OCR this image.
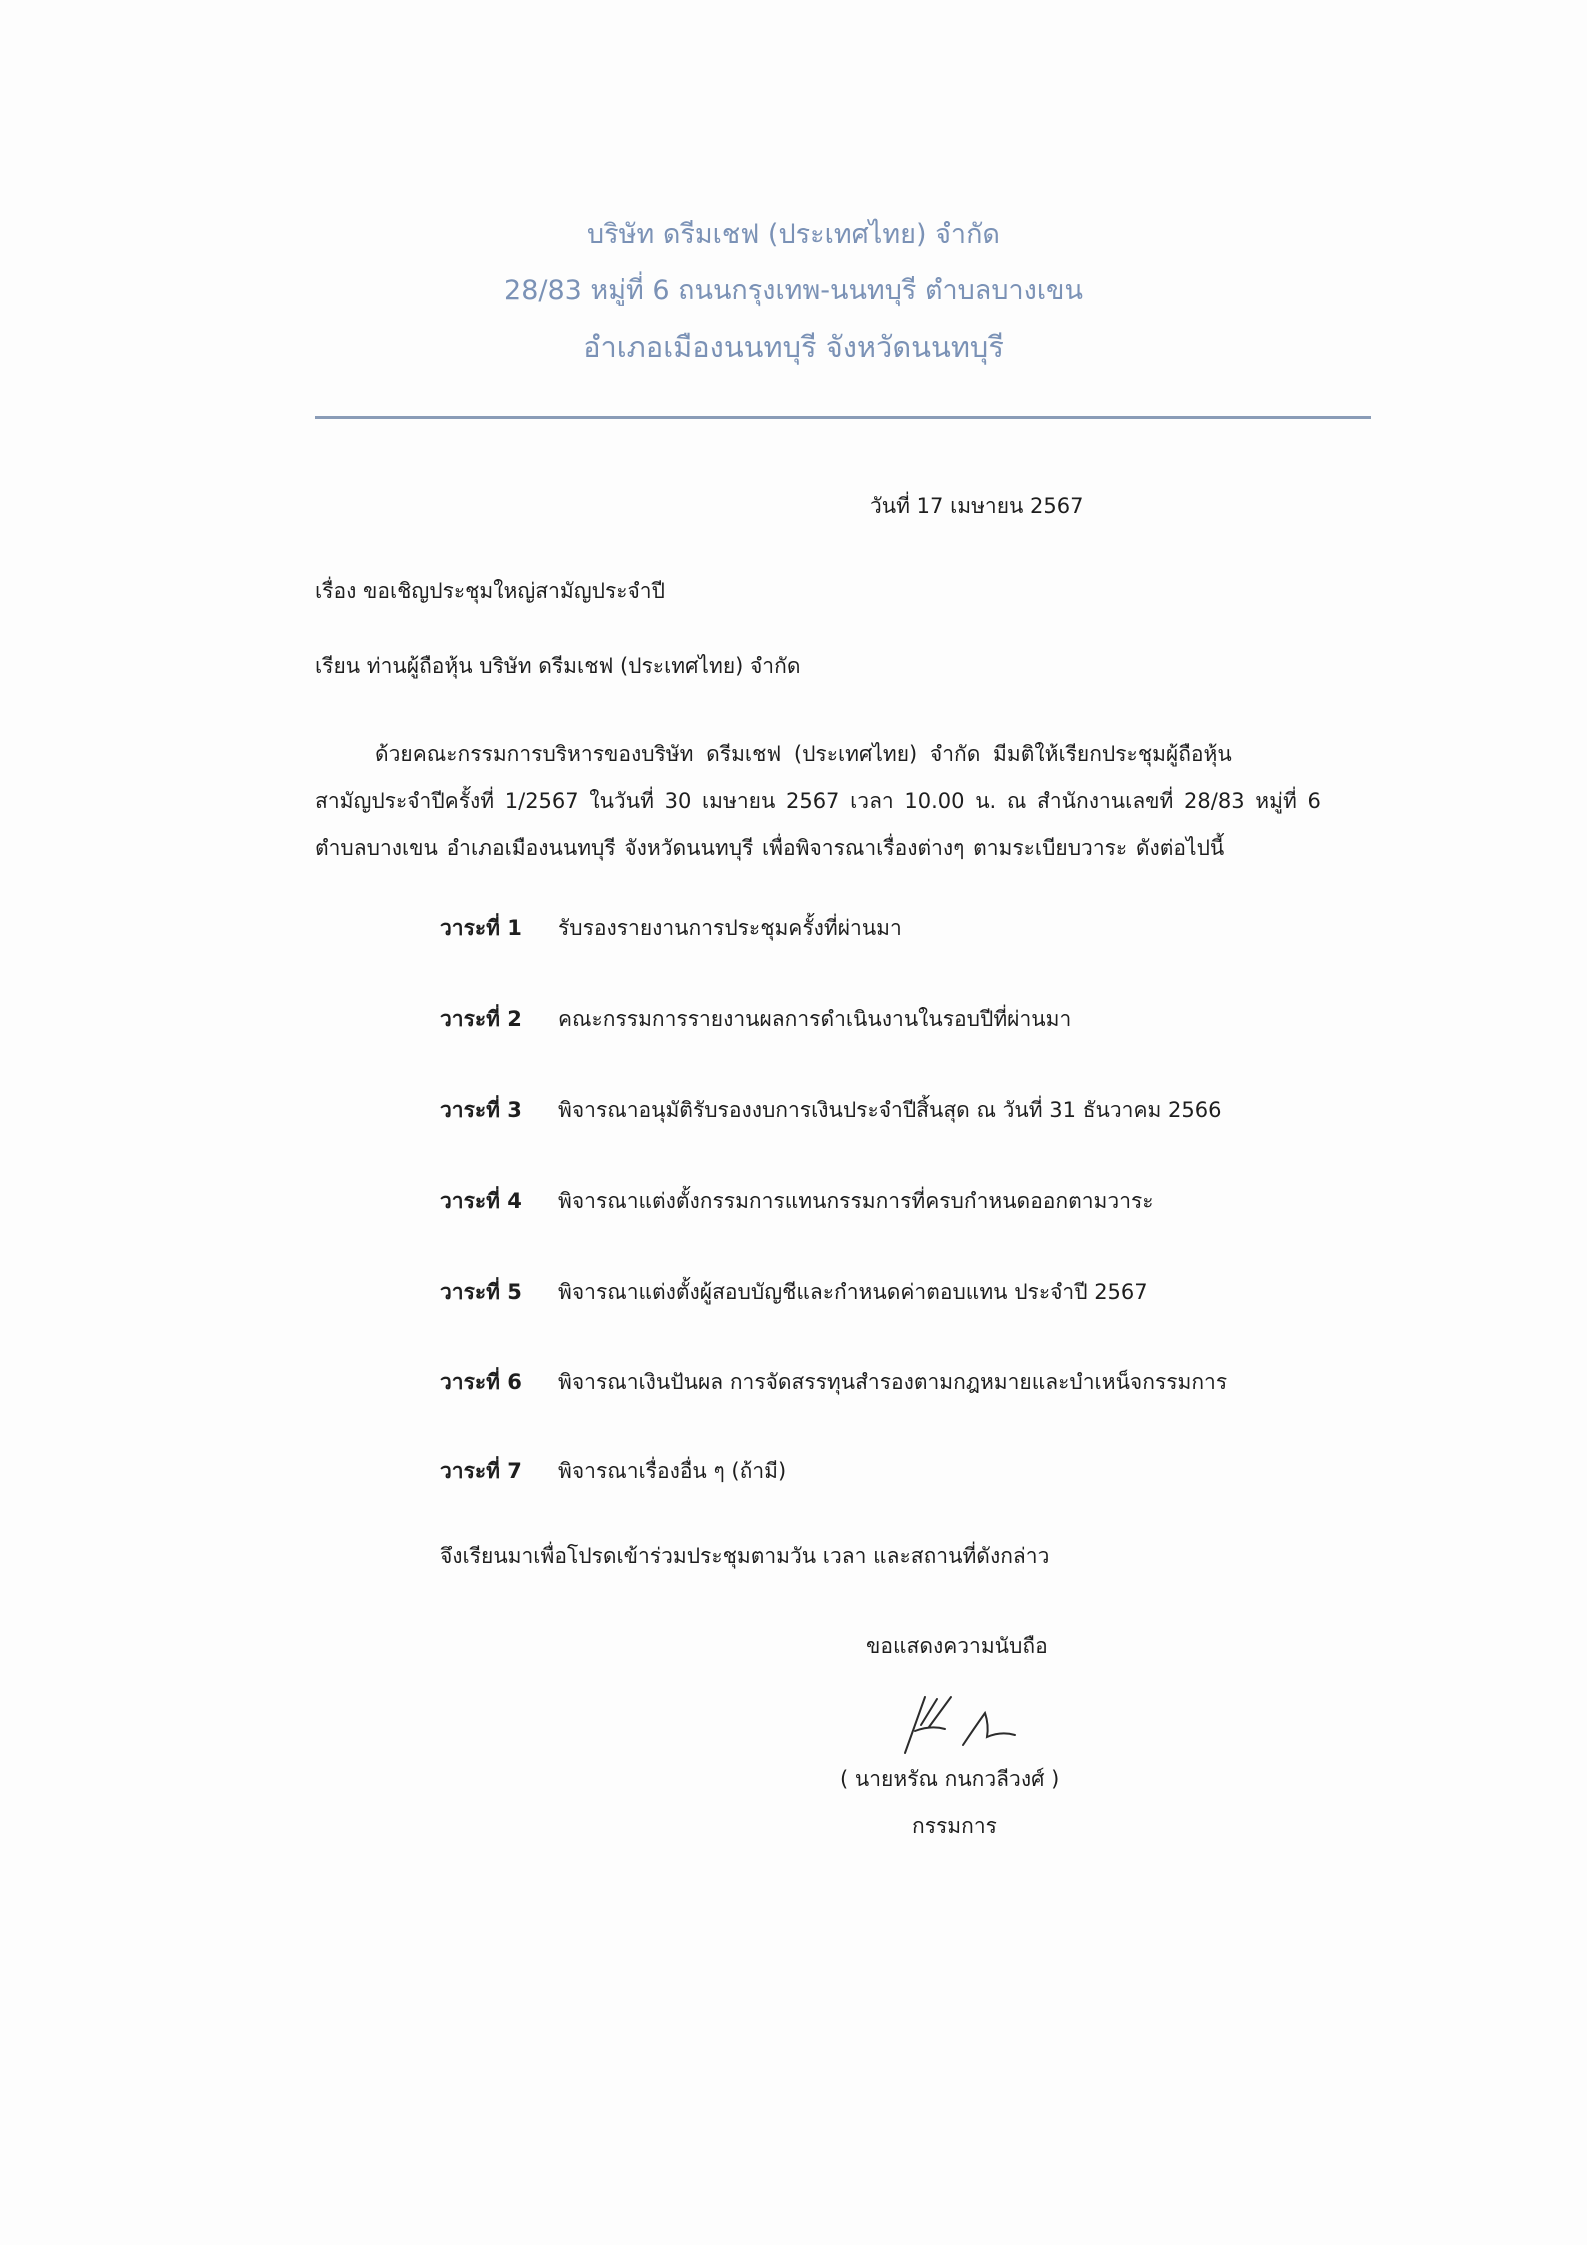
บริษัท ดรีมเชฟ (ประเทศไทย) จำกัด
28/83 หมู่ที่ 6 ถนนกรุงเทพ-นนทบุรี ตำบลบางเขน
อำเภอเมืองนนทบุรี จังหวัดนนทบุรี
วันที่ 17 เมษายน 2567
เรื่อง ขอเชิญประชุมใหญ่สามัญประจำปี
เรียน ท่านผู้ถือหุ้น บริษัท ดรีมเชฟ (ประเทศไทย) จำกัด
ด้วยคณะกรรมการบริหารของบริษัท ดรีมเชฟ (ประเทศไทย) จำกัด มีมติให้เรียกประชุมผู้ถือหุ้น
สามัญประจำปีครั้งที่ 1/2567 ในวันที่ 30 เมษายน 2567 เวลา 10.00 น. ณ สำนักงานเลขที่ 28/83 หมู่ที่ 6
ตำบลบางเขน อำเภอเมืองนนทบุรี จังหวัดนนทบุรี เพื่อพิจารณาเรื่องต่างๆ ตามระเบียบวาระ ดังต่อไปนี้
วาระที่ 1 รับรองรายงานการประชุมครั้งที่ผ่านมา
วาระที่ 2 คณะกรรมการรายงานผลการดำเนินงานในรอบปีที่ผ่านมา
วาระที่ 3 พิจารณาอนุมัติรับรองงบการเงินประจำปีสิ้นสุด ณ วันที่ 31 ธันวาคม 2566
วาระที่ 4 พิจารณาแต่งตั้งกรรมการแทนกรรมการที่ครบกำหนดออกตามวาระ
วาระที่ 5 พิจารณาแต่งตั้งผู้สอบบัญชีและกำหนดค่าตอบแทน ประจำปี 2567
วาระที่ 6 พิจารณาเงินปันผล การจัดสรรทุนสำรองตามกฎหมายและบำเหน็จกรรมการ
วาระที่ 7 พิจารณาเรื่องอื่น ๆ (ถ้ามี)
จึงเรียนมาเพื่อโปรดเข้าร่วมประชุมตามวัน เวลา และสถานที่ดังกล่าว
ขอแสดงความนับถือ
( นายหรัณ กนกวลีวงศ์ )
กรรมการ
